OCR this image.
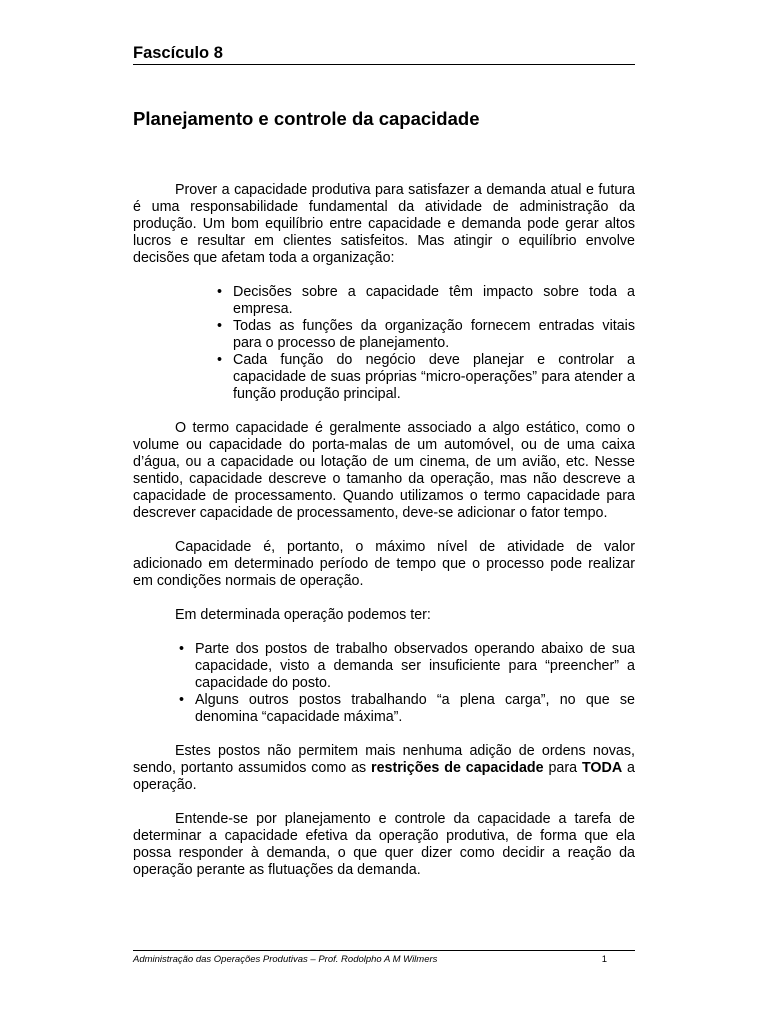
Fascículo 8
Planejamento e controle da capacidade

Prover a capacidade produtiva para satisfazer a demanda atual e futura é uma responsabilidade fundamental da atividade de administração da produção. Um bom equilíbrio entre capacidade e demanda pode gerar altos lucros e resultar em clientes satisfeitos. Mas atingir o equilíbrio envolve decisões que afetam toda a organização:

• Decisões sobre a capacidade têm impacto sobre toda a empresa.
• Todas as funções da organização fornecem entradas vitais para o processo de planejamento.
• Cada função do negócio deve planejar e controlar a capacidade de suas próprias “micro-operações” para atender a função produção principal.

O termo capacidade é geralmente associado a algo estático, como o volume ou capacidade do porta-malas de um automóvel, ou de uma caixa d’água, ou a capacidade ou lotação de um cinema, de um avião, etc. Nesse sentido, capacidade descreve o tamanho da operação, mas não descreve a capacidade de processamento. Quando utilizamos o termo capacidade para descrever capacidade de processamento, deve-se adicionar o fator tempo.

Capacidade é, portanto, o máximo nível de atividade de valor adicionado em determinado período de tempo que o processo pode realizar em condições normais de operação.

Em determinada operação podemos ter:

• Parte dos postos de trabalho observados operando abaixo de sua capacidade, visto a demanda ser insuficiente para “preencher” a capacidade do posto.
• Alguns outros postos trabalhando “a plena carga”, no que se denomina “capacidade máxima”.

Estes postos não permitem mais nenhuma adição de ordens novas, sendo, portanto assumidos como as restrições de capacidade para TODA a operação.

Entende-se por planejamento e controle da capacidade a tarefa de determinar a capacidade efetiva da operação produtiva, de forma que ela possa responder à demanda, o que quer dizer como decidir a reação da operação perante as flutuações da demanda.

Administração das Operações Produtivas – Prof. Rodolpho A M Wilmers	1
